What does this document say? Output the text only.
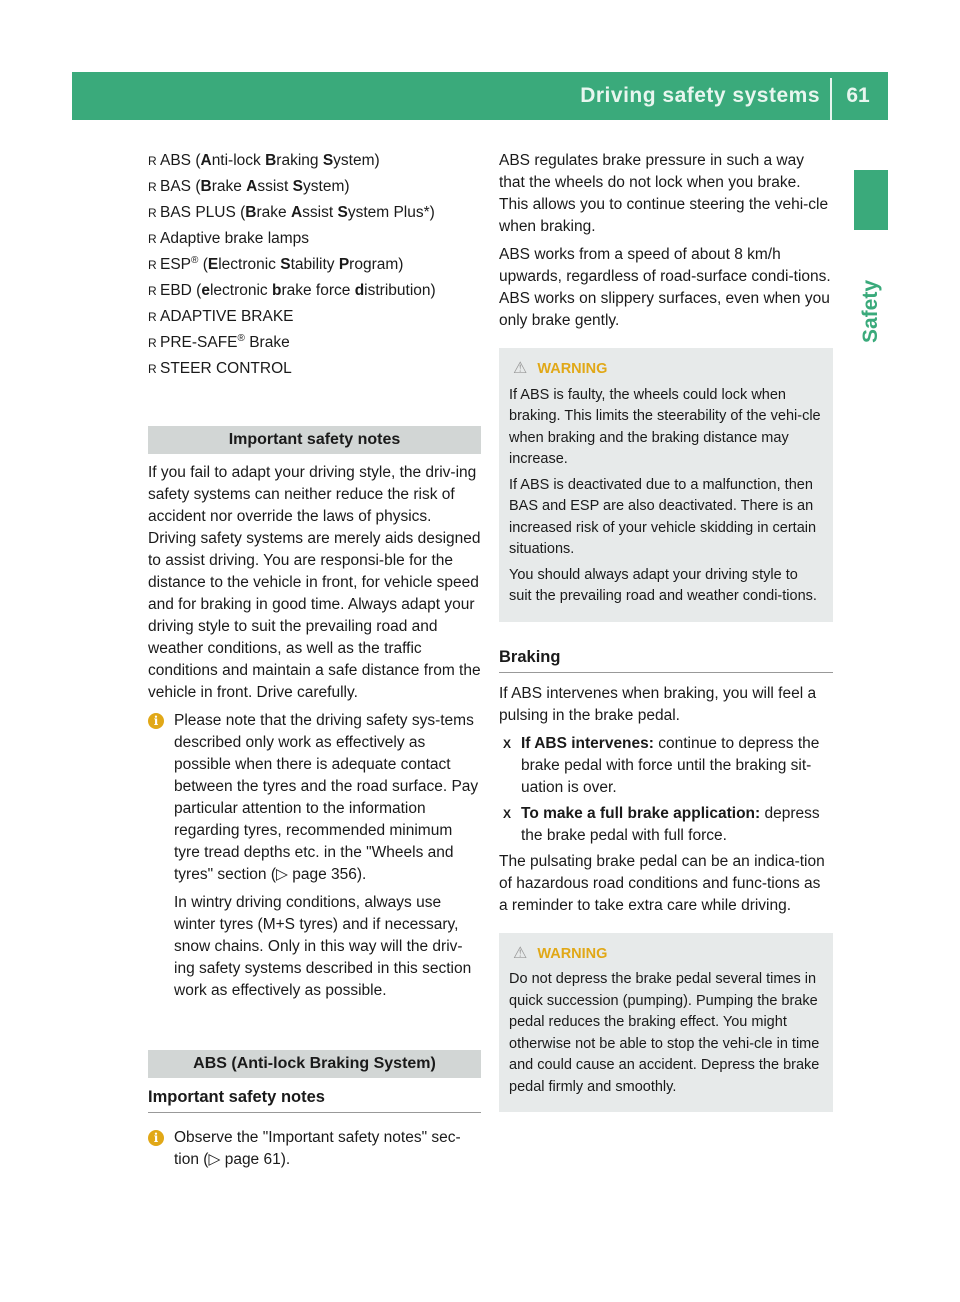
Driving safety systems	61
Safety
R ABS (Anti-lock Braking System)
R BAS (Brake Assist System)
R BAS PLUS (Brake Assist System Plus*)
R Adaptive brake lamps
R ESP® (Electronic Stability Program)
R EBD (electronic brake force distribution)
R ADAPTIVE BRAKE
R PRE-SAFE® Brake
R STEER CONTROL
Important safety notes

If you fail to adapt your driving style, the driv-ing safety systems can neither reduce the risk of accident nor override the laws of physics. Driving safety systems are merely aids designed to assist driving. You are responsi-ble for the distance to the vehicle in front, for vehicle speed and for braking in good time. Always adapt your driving style to suit the prevailing road and weather conditions, as well as the traffic conditions and maintain a safe distance from the vehicle in front. Drive carefully.

i	Please note that the driving safety sys-tems described only work as effectively as possible when there is adequate contact between the tyres and the road surface. Pay particular attention to the information regarding tyres, recommended minimum tyre tread depths etc. in the "Wheels and tyres" section (▷ page 356).

In wintry driving conditions, always use winter tyres (M+S tyres) and if necessary, snow chains. Only in this way will the driv-ing safety systems described in this section work as effectively as possible.

ABS (Anti-lock Braking System)
Important safety notes
i	Observe the "Important safety notes" sec-tion (▷ page 61).

ABS regulates brake pressure in such a way that the wheels do not lock when you brake. This allows you to continue steering the vehi-cle when braking.

ABS works from a speed of about 8 km/h upwards, regardless of road-surface condi-tions. ABS works on slippery surfaces, even when you only brake gently.

⚠ WARNING

If ABS is faulty, the wheels could lock when braking. This limits the steerability of the vehi-cle when braking and the braking distance may increase.

If ABS is deactivated due to a malfunction, then BAS and ESP are also deactivated. There is an increased risk of your vehicle skidding in certain situations.

You should always adapt your driving style to suit the prevailing road and weather condi-tions.

Braking

If ABS intervenes when braking, you will feel a pulsing in the brake pedal.

X If ABS intervenes: continue to depress the brake pedal with force until the braking sit-uation is over.
X To make a full brake application: depress the brake pedal with full force.

The pulsating brake pedal can be an indica-tion of hazardous road conditions and func-tions as a reminder to take extra care while driving.

⚠ WARNING

Do not depress the brake pedal several times in quick succession (pumping). Pumping the brake pedal reduces the braking effect. You might otherwise not be able to stop the vehi-cle in time and could cause an accident. Depress the brake pedal firmly and smoothly.
